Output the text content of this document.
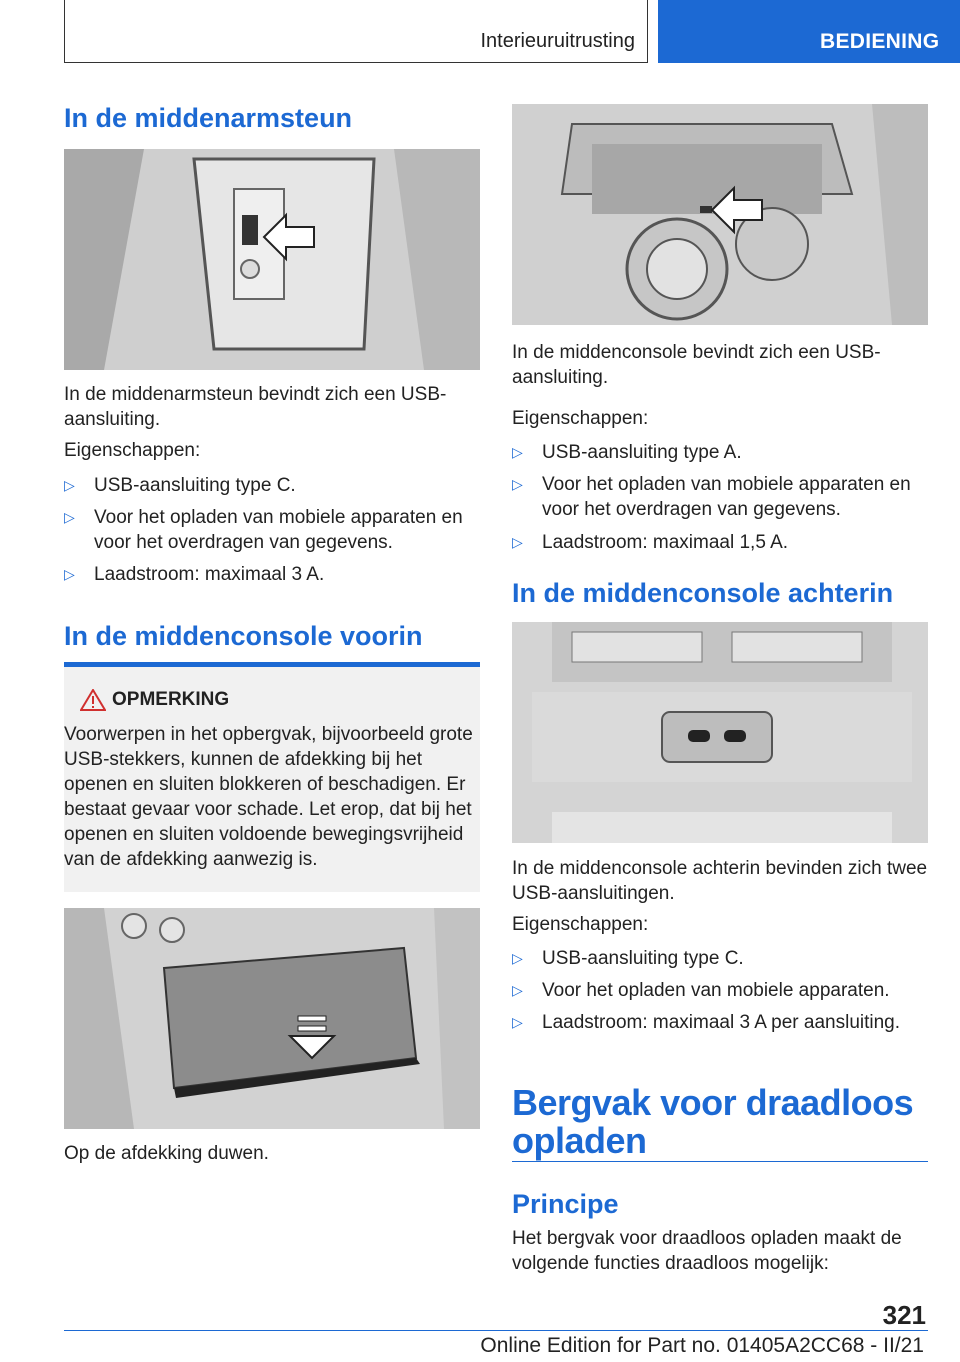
Interieuruitrusting	BEDIENING
In de middenarmsteun

In de middenarmsteun bevindt zich een USB-aansluiting.

Eigenschappen:

▷ USB-aansluiting type C.
▷ Voor het opladen van mobiele apparaten en voor het overdragen van gegevens.
▷ Laadstroom: maximaal 3 A.
In de middenconsole voorin
OPMERKING
Voorwerpen in het opbergvak, bijvoorbeeld grote USB-stekkers, kunnen de afdekking bij het openen en sluiten blokkeren of beschadigen. Er bestaat gevaar voor schade. Let erop, dat bij het openen en sluiten voldoende bewegingsvrijheid van de afdekking aanwezig is.

Op de afdekking duwen.

In de middenconsole bevindt zich een USB-aansluiting.

Eigenschappen:

▷ USB-aansluiting type A.
▷ Voor het opladen van mobiele apparaten en voor het overdragen van gegevens.
▷ Laadstroom: maximaal 1,5 A.
In de middenconsole achterin

In de middenconsole achterin bevinden zich twee USB-aansluitingen.

Eigenschappen:

▷ USB-aansluiting type C.
▷ Voor het opladen van mobiele apparaten.
▷ Laadstroom: maximaal 3 A per aansluiting.
Bergvak voor draadloos opladen
Principe

Het bergvak voor draadloos opladen maakt de volgende functies draadloos mogelijk:

321
Online Edition for Part no. 01405A2CC68 - II/21
